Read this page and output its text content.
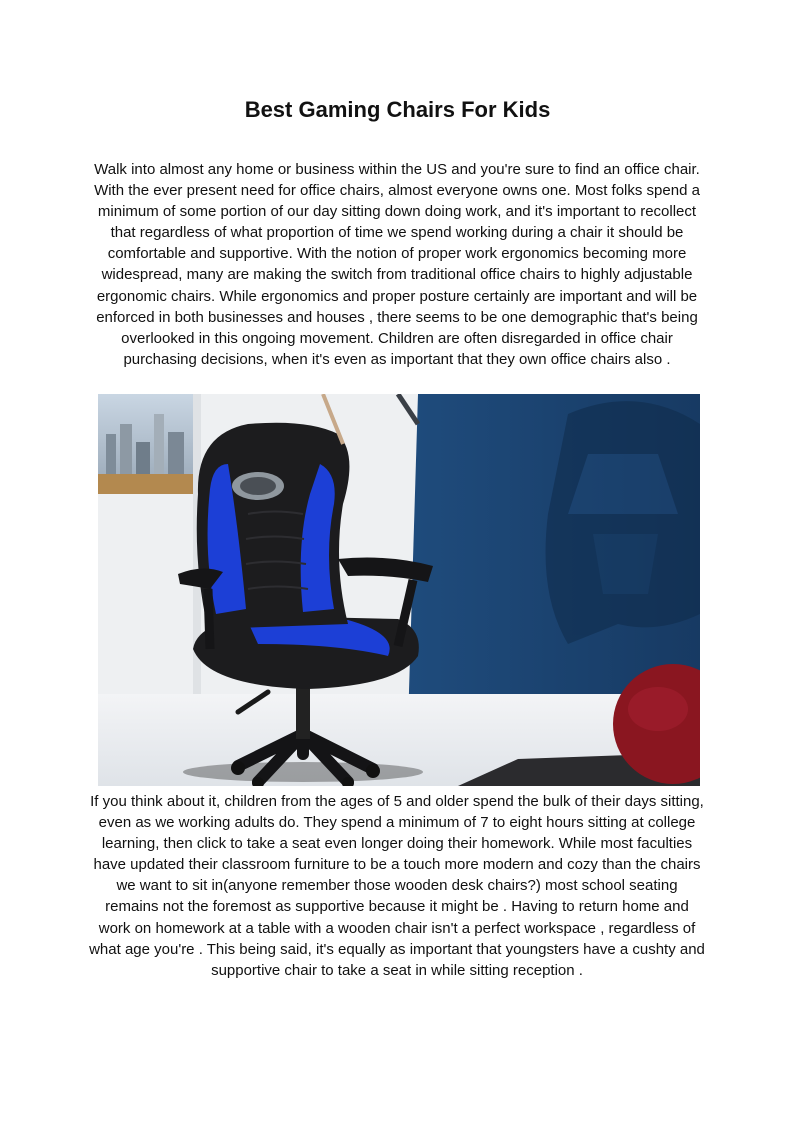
Best Gaming Chairs For Kids
Walk into almost any home or business within the US and you're sure to find an office chair. With the ever present need for office chairs, almost everyone owns one. Most folks spend a minimum of some portion of our day sitting down doing work, and it's important to recollect that regardless of what proportion of time we spend working during a chair it should be comfortable and supportive. With the notion of proper work ergonomics becoming more widespread, many are making the switch from traditional office chairs to highly adjustable ergonomic chairs. While ergonomics and proper posture certainly are important and will be enforced in both businesses and houses , there seems to be one demographic that's being overlooked in this ongoing movement. Children are often disregarded in office chair purchasing decisions, when it's even as important that they own office chairs also .
If you think about it, children from the ages of 5 and older spend the bulk of their days sitting, even as we working adults do. They spend a minimum of 7 to eight hours sitting at college learning, then click to take a seat even longer doing their homework. While most faculties have updated their classroom furniture to be a touch more modern and cozy than the chairs we want to sit in(anyone remember those wooden desk chairs?) most school seating remains not the foremost as supportive because it might be . Having to return home and work on homework at a table with a wooden chair isn't a perfect workspace , regardless of what age you're . This being said, it's equally as important that youngsters have a cushty and supportive chair to take a seat in while sitting reception .
